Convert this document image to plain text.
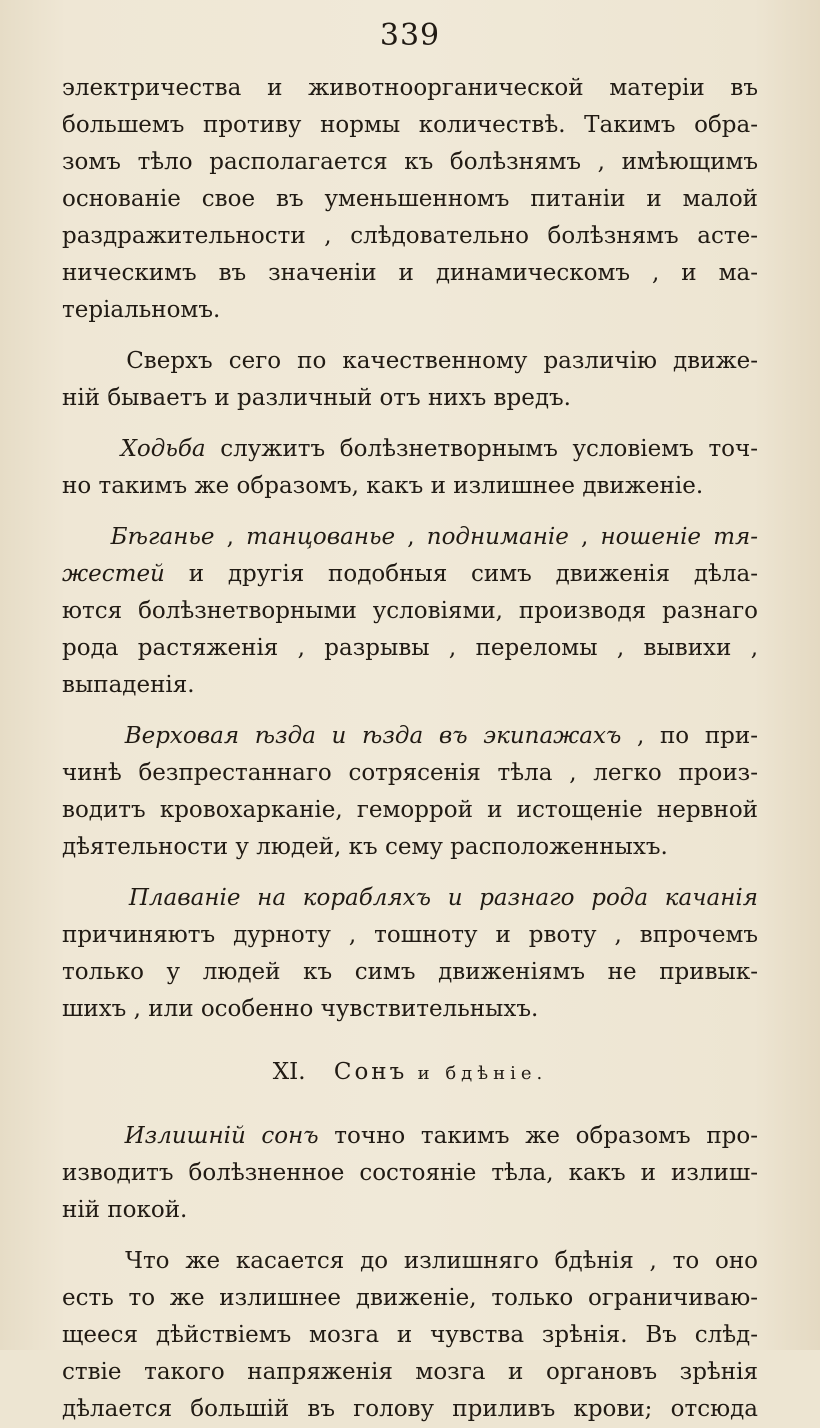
339
электричества и животноорганической матеріи въ
большемъ противу нормы количествѣ. Такимъ обра-
зомъ тѣло располагается къ болѣзнямъ , имѣющимъ
основаніе свое въ уменьшенномъ питаніи и малой
раздражительности , слѣдовательно болѣзнямъ асте-
ническимъ въ значеніи и динамическомъ , и ма-
теріальномъ.
Сверхъ сего по качественному различію движе-
ній бываетъ и различный отъ нихъ вредъ.
Ходьба служитъ болѣзнетворнымъ условіемъ точ-
но такимъ же образомъ, какъ и излишнее движеніе.
Бѣганье , танцованье , подниманіе , ношеніе тя-
жестей и другія подобныя симъ движенія дѣла-
ются болѣзнетворными условіями, производя разнаго
рода растяженія , разрывы , переломы , вывихи ,
выпаденія.
Верховая ѣзда и ѣзда въ экипажахъ , по при-
чинѣ безпрестаннаго сотрясенія тѣла , легко произ-
водитъ кровохарканіе, геморрой и истощеніе нервной
дѣятельности у людей, къ сему расположенныхъ.
Плаваніе на корабляхъ и разнаго рода качанія
причиняютъ дурноту , тошноту и рвоту , впрочемъ
только у людей къ симъ движеніямъ не привык-
шихъ , или особенно чувствительныхъ.
XI. Сонъ и бдѣніе.
Излишній сонъ точно такимъ же образомъ про-
изводитъ болѣзненное состояніе тѣла, какъ и излиш-
ній покой.
Что же касается до излишняго бдѣнія , то оно
есть то же излишнее движеніе, только ограничиваю-
щееся дѣйствіемъ мозга и чувства зрѣнія. Въ слѣд-
ствіе такого напряженія мозга и органовъ зрѣнія
дѣлается большій въ голову приливъ крови; отсюда
